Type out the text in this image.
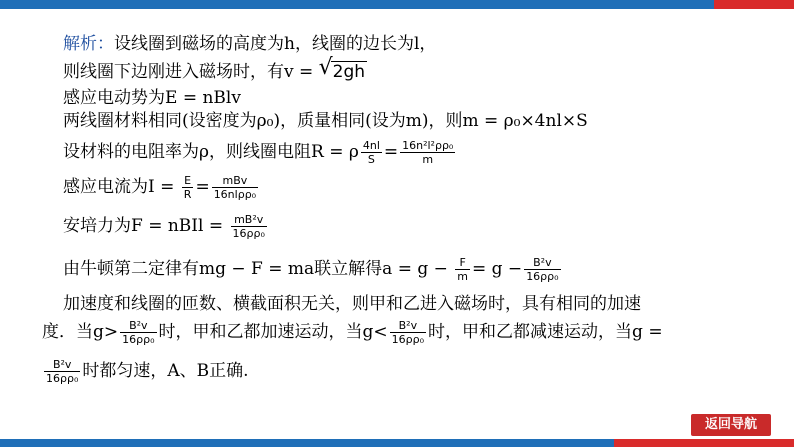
解析：设线圈到磁场的高度为h，线圈的边长为l，
则线圈下边刚进入磁场时，有v = √ 2gh
感应电动势为E = nBlv
两线圈材料相同(设密度为ρ₀)，质量相同(设为m)，则m = ρ₀×4nl×S
设材料的电阻率为ρ，则线圈电阻R = ρ $\frac{4nl}{S} = \frac{\text{16n²l²ρρ₀}}{m}$
感应电流为$I = \frac{E}{R} = \frac{\text{mBv}}{\text{16nlρρ₀}}$
安培力为F = nBIl = $\frac{\text{mB²v}}{\text{16ρρ₀}}$
由牛顿第二定律有mg − F = ma联立解得$a = g - \frac{F}{m} = g - \frac{\text{B²v}}{\text{16ρρ₀}}$
加速度和线圈的匝数、横截面积无关，则甲和乙进入磁场时，具有相同的加速
度．当$g> \frac{\text{B²v}}{\text{16ρρ₀}}$ 时，甲和乙都加速运动，当$g< \frac{\text{B²v}}{\text{16ρρ₀}}$ 时，甲和乙都减速运动，当g =
$\frac{\text{B²v}}{\text{16ρρ₀}}$ 时都匀速，A、B正确.
返回导航
